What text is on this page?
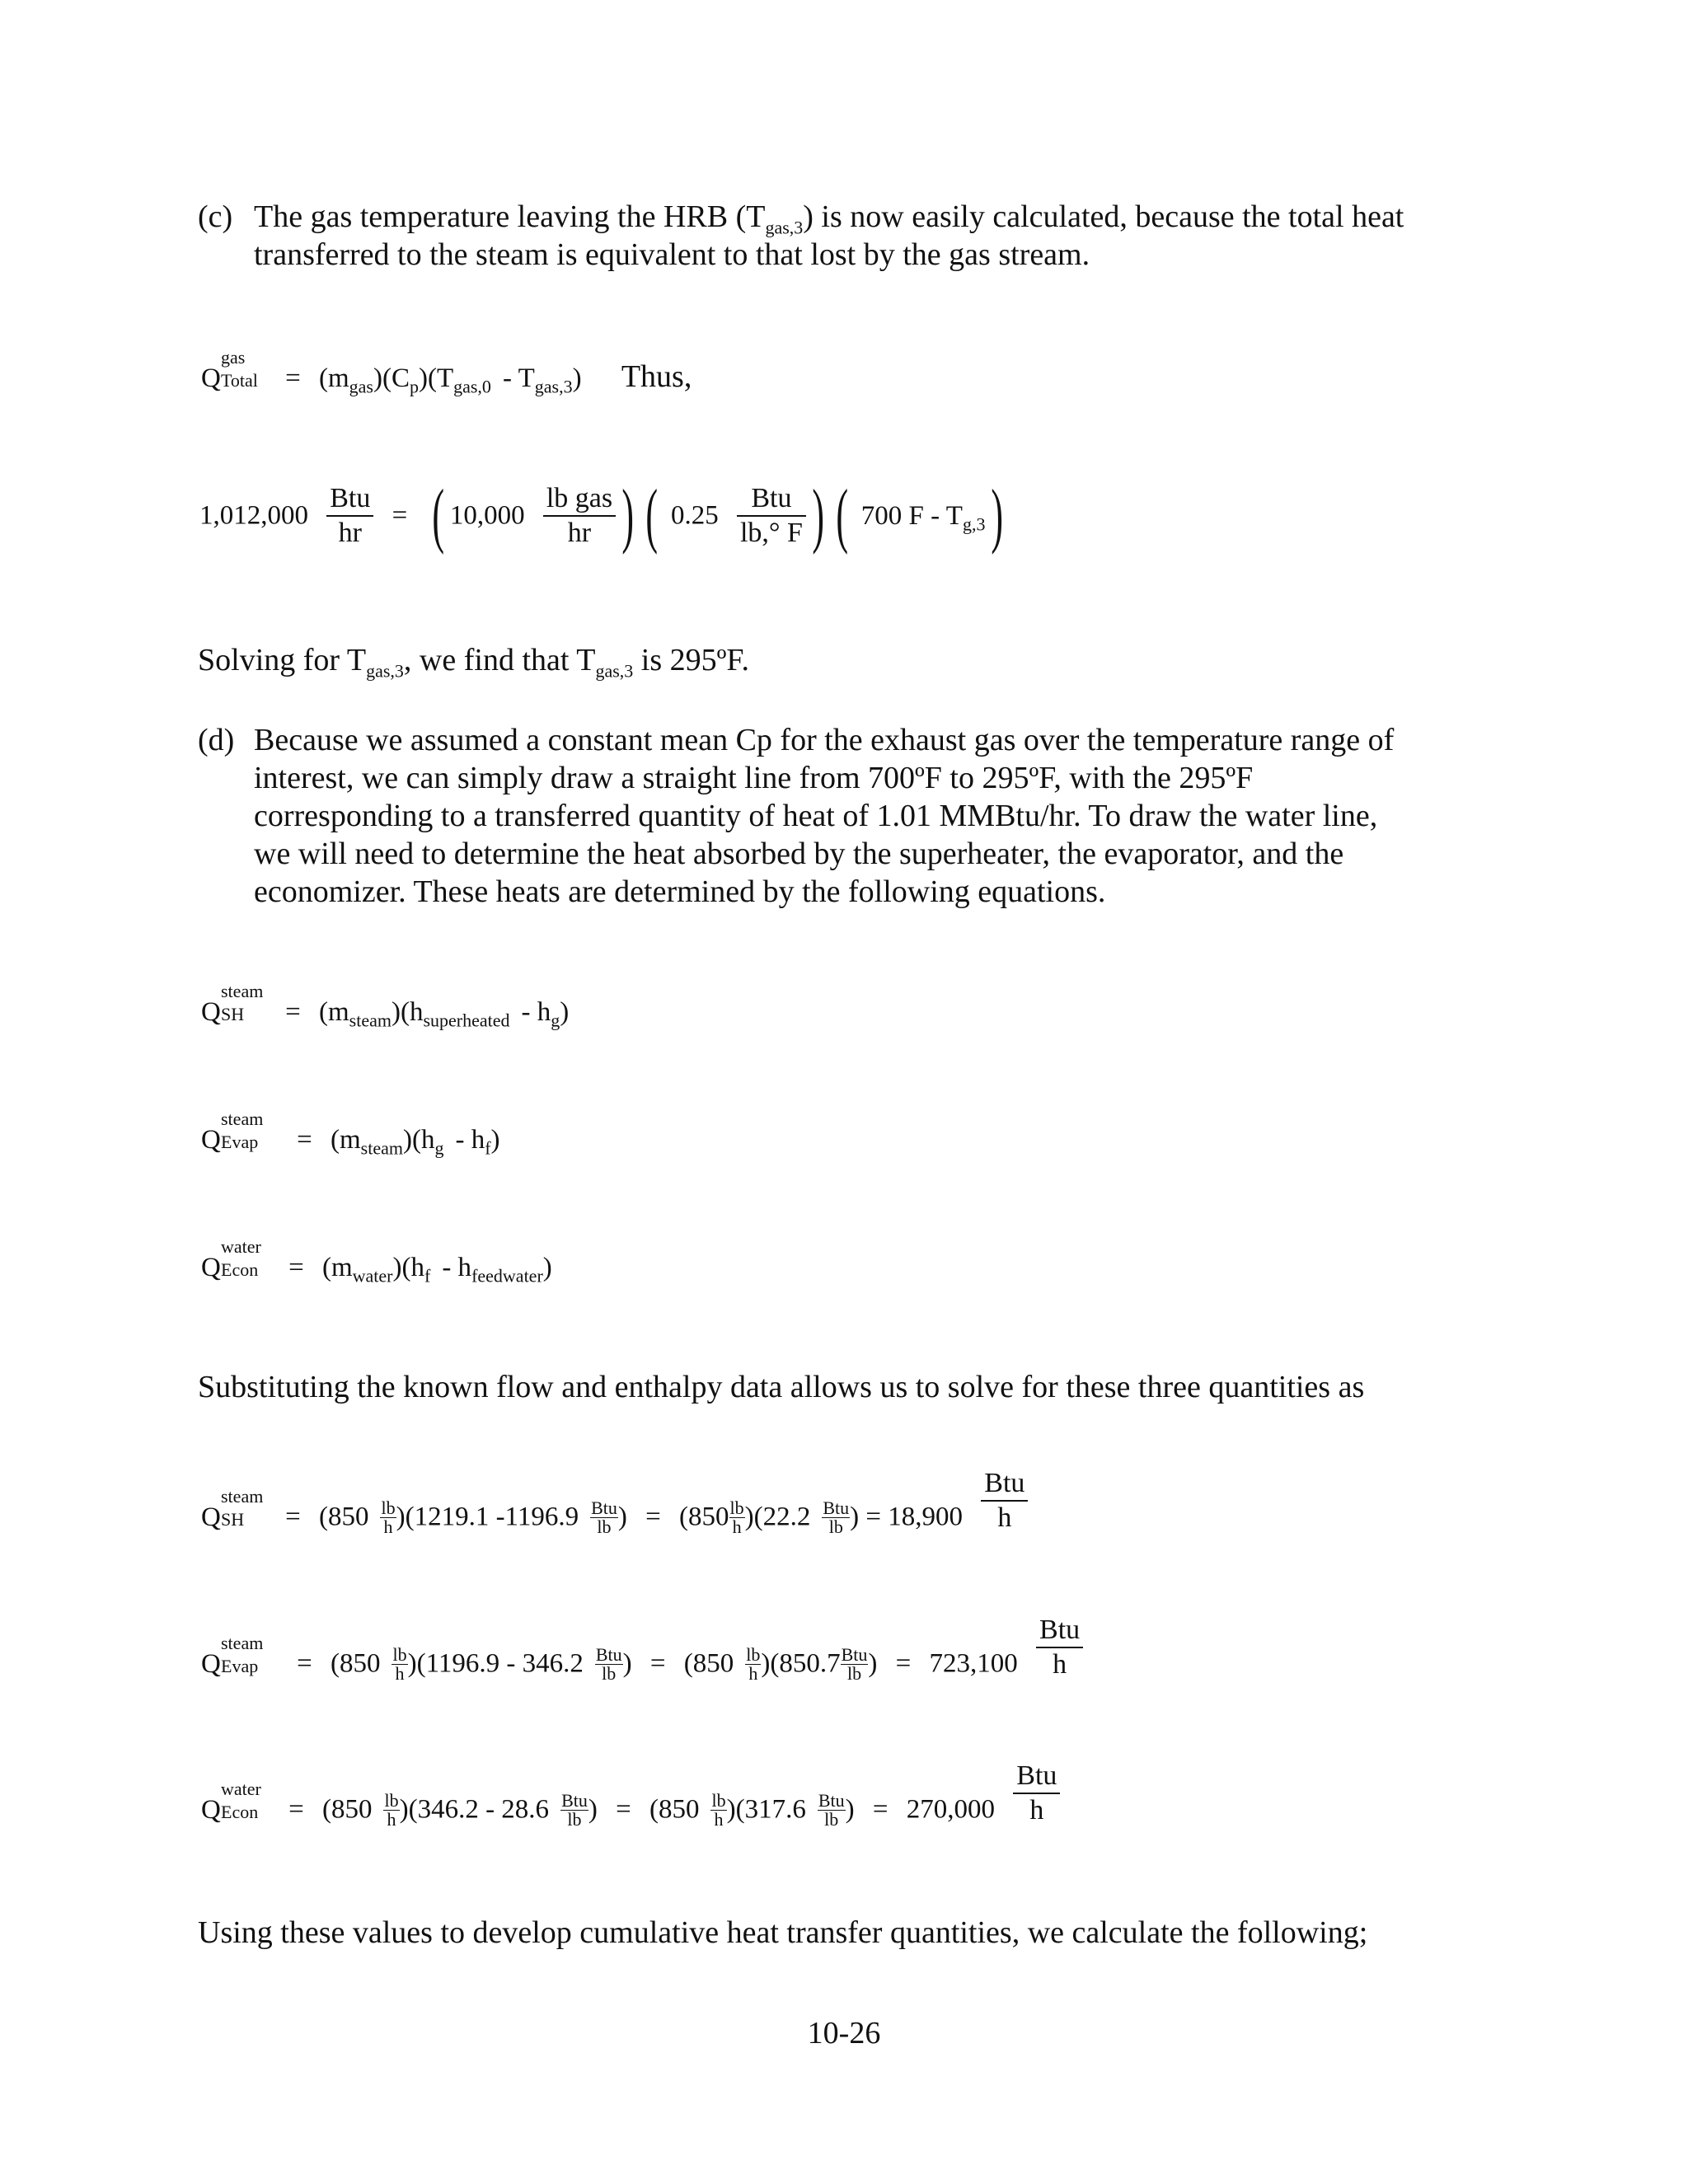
(c) The gas temperature leaving the HRB $(T_{gas,3})$ is now easily calculated, because the total heat
transferred to the steam is equivalent to that lost by the gas stream.
Q
gas
Total = $(m_{gas})(C_p)(T_{gas,0} - T_{gas,3})$ Thus,
$1,012,000 \frac{\text{Btu}}{hr}$ = ( $10,000 \frac{\text{lb gas}}{hr}$ ) ( $0.25 \frac{\text{Btu}}{lb,^\circ F}$ ) ( 700 F - $T_{g,3}$)
Solving for $T_{gas,3}$, we find that $T_{gas,3}$ is 295ºF.
(d) Because we assumed a constant mean Cp for the exhaust gas over the temperature range of
interest, we can simply draw a straight line from 700ºF to 295ºF, with the 295ºF
corresponding to a transferred quantity of heat of 1.01 MMBtu/hr. To draw the water line,
we will need to determine the heat absorbed by the superheater, the evaporator, and the
economizer. These heats are determined by the following equations.
Q
steam
SH = $(m_{steam})(h_{superheated} - h_g)$
Q
steam
Evap = $(m_{steam})(h_g - h_f)$
Q
water
Econ = $(m_{water})(h_f - h_{feedwater})$
Substituting the known flow and enthalpy data allows us to solve for these three quantities as
Q
steam
SH = $(850 \frac{lb}{h} )(1219.1$ $-1196.9 \frac{\text{Btu}}{lb}$ ) = $(850 \frac{lb}{h} )(22.2 \frac{\text{Btu}}{lb}$ ) = $18,900 \frac{\text{Btu}}{h}$
Q
steam
Evap = $(850 \frac{lb}{h} )(1196.9 - 346.2 \frac{\text{Btu}}{lb}$ ) = $(850 \frac{lb}{h} )(850.7 \frac{\text{Btu}}{lb}$ ) = $723,100 \frac{\text{Btu}}{h}$
Q
water
Econ = $(850 \frac{lb}{h} )(346.2 - 28.6 \frac{\text{Btu}}{lb}$ ) = $(850 \frac{lb}{h} )(317.6 \frac{\text{Btu}}{lb}$ ) = $270,000 \frac{\text{Btu}}{h}$
Using these values to develop cumulative heat transfer quantities, we calculate the following;
10-26
